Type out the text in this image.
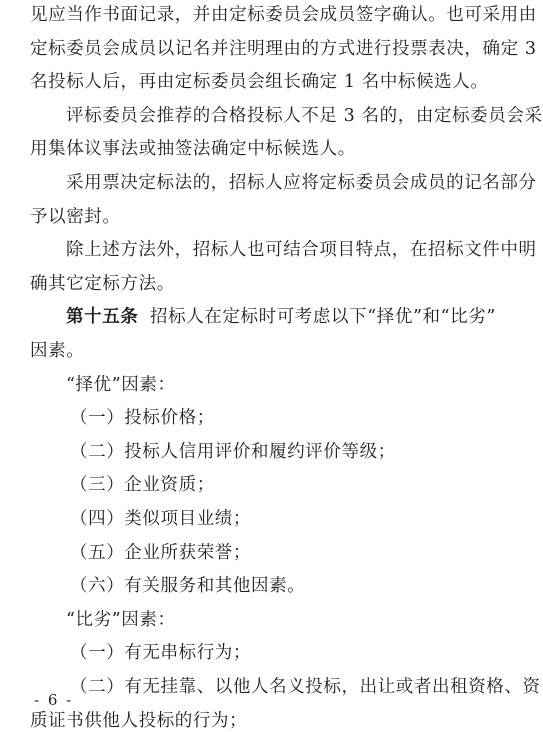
见应当作书面记录，并由定标委员会成员签字确认。也可采用由
定标委员会成员以记名并注明理由的方式进行投票表决，确定 3
名投标人后，再由定标委员会组长确定 1 名中标候选人。
评标委员会推荐的合格投标人不足 3 名的，由定标委员会采
用集体议事法或抽签法确定中标候选人。
采用票决定标法的，招标人应将定标委员会成员的记名部分
予以密封。
除上述方法外，招标人也可结合项目特点，在招标文件中明
确其它定标方法。
第十五条 招标人在定标时可考虑以下“择优”和“比劣”
因素。
“择优”因素：
（一）投标价格；
（二）投标人信用评价和履约评价等级；
（三）企业资质；
（四）类似项目业绩；
（五）企业所获荣誉；
（六）有关服务和其他因素。
“比劣”因素：
（一）有无串标行为；
（二）有无挂靠、以他人名义投标，出让或者出租资格、资
质证书供他人投标的行为；
- 6 -
